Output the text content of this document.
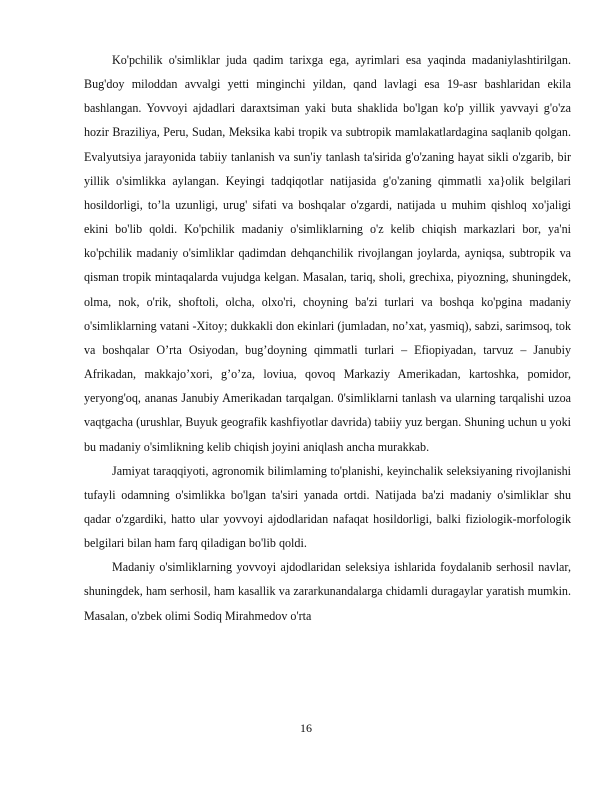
Ko'pchilik o'simliklar juda qadim tarixga ega, ayrimlari esa yaqinda madaniylashtirilgan. Bug'doy miloddan avvalgi yetti minginchi yildan, qand lavlagi esa 19-asr bashlaridan ekila bashlangan. Yovvoyi ajdadlari daraxtsiman yaki buta shaklida bo'lgan ko'p yillik yavvayi g'o'za hozir Braziliya, Peru, Sudan, Meksika kabi tropik va subtropik mamlakatlardagina saqlanib qolgan. Evalyutsiya jarayonida tabiiy tanlanish va sun'iy tanlash ta'sirida g'o'zaning hayat sikli o'zgarib, bir yillik o'simlikka aylangan. Keyingi tadqiqotlar natijasida g'o'zaning qimmatli xa}olik belgilari hosildorligi, to’la uzunligi, urug' sifati va boshqalar o'zgardi, natijada u muhim qishloq xo'jaligi ekini bo'lib qoldi. Ko'pchilik madaniy o'simliklarning o'z kelib chiqish markazlari bor, ya'ni ko'pchilik madaniy o'simliklar qadimdan dehqanchilik rivojlangan joylarda, ayniqsa, subtropik va qisman tropik mintaqalarda vujudga kelgan. Masalan, tariq, sholi, grechixa, piyozning, shuningdek, olma, nok, o'rik, shoftoli, olcha, olxo'ri, choyning ba'zi turlari va boshqa ko'pgina madaniy o'simliklarning vatani -Xitoy; dukkakli don ekinlari (jumladan, no’xat, yasmiq), sabzi, sarimsoq, tok va boshqalar O’rta Osiyodan, bug’doyning qimmatli turlari – Efiopiyadan, tarvuz – Janubiy Afrikadan, makkajo’xori, g’o’za, loviua, qovoq Markaziy Amerikadan, kartoshka, pomidor, yeryong'oq, ananas Janubiy Amerikadan tarqalgan. 0'simliklarni tanlash va ularning tarqalishi uzoa vaqtgacha (urushlar, Buyuk geografik kashfiyotlar davrida) tabiiy yuz bergan. Shuning uchun u yoki bu madaniy o'simlikning kelib chiqish joyini aniqlash ancha murakkab.

Jamiyat taraqqiyoti, agronomik bilimlaming to'planishi, keyinchalik seleksiyaning rivojlanishi tufayli odamning o'simlikka bo'lgan ta'siri yanada ortdi. Natijada ba'zi madaniy o'simliklar shu qadar o'zgardiki, hatto ular yovvoyi ajdodlaridan nafaqat hosildorligi, balki fiziologik-morfologik belgilari bilan ham farq qiladigan bo'lib qoldi.

Madaniy o'simliklarning yovvoyi ajdodlaridan seleksiya ishlarida foydalanib serhosil navlar, shuningdek, ham serhosil, ham kasallik va zararkunandalarga chidamli duragaylar yaratish mumkin. Masalan, o'zbek olimi Sodiq Mirahmedov o'rta

16
